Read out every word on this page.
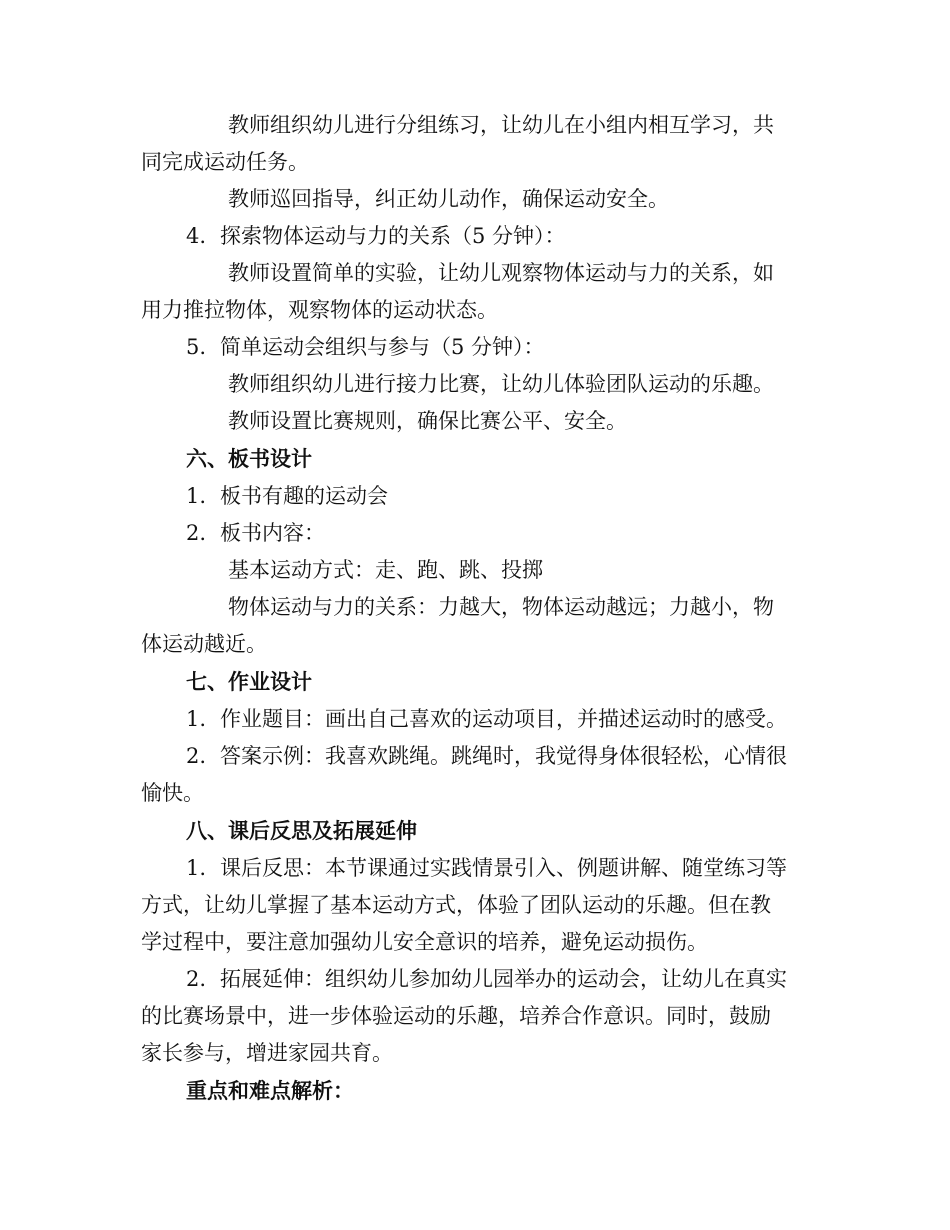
教师组织幼儿进行分组练习，让幼儿在小组内相互学习，共
同完成运动任务。
教师巡回指导，纠正幼儿动作，确保运动安全。
4. 探索物体运动与力的关系（5 分钟）：
教师设置简单的实验，让幼儿观察物体运动与力的关系，如
用力推拉物体，观察物体的运动状态。
5. 简单运动会组织与参与（5 分钟）：
教师组织幼儿进行接力比赛，让幼儿体验团队运动的乐趣。
教师设置比赛规则，确保比赛公平、安全。
六、板书设计
1. 板书有趣的运动会
2. 板书内容：
基本运动方式：走、跑、跳、投掷
物体运动与力的关系：力越大，物体运动越远；力越小，物
体运动越近。
七、作业设计
1. 作业题目：画出自己喜欢的运动项目，并描述运动时的感受。
2. 答案示例：我喜欢跳绳。跳绳时，我觉得身体很轻松，心情很
愉快。
八、课后反思及拓展延伸
1. 课后反思：本节课通过实践情景引入、例题讲解、随堂练习等
方式，让幼儿掌握了基本运动方式，体验了团队运动的乐趣。但在教
学过程中，要注意加强幼儿安全意识的培养，避免运动损伤。
2. 拓展延伸：组织幼儿参加幼儿园举办的运动会，让幼儿在真实
的比赛场景中，进一步体验运动的乐趣，培养合作意识。同时，鼓励
家长参与，增进家园共育。
重点和难点解析：
